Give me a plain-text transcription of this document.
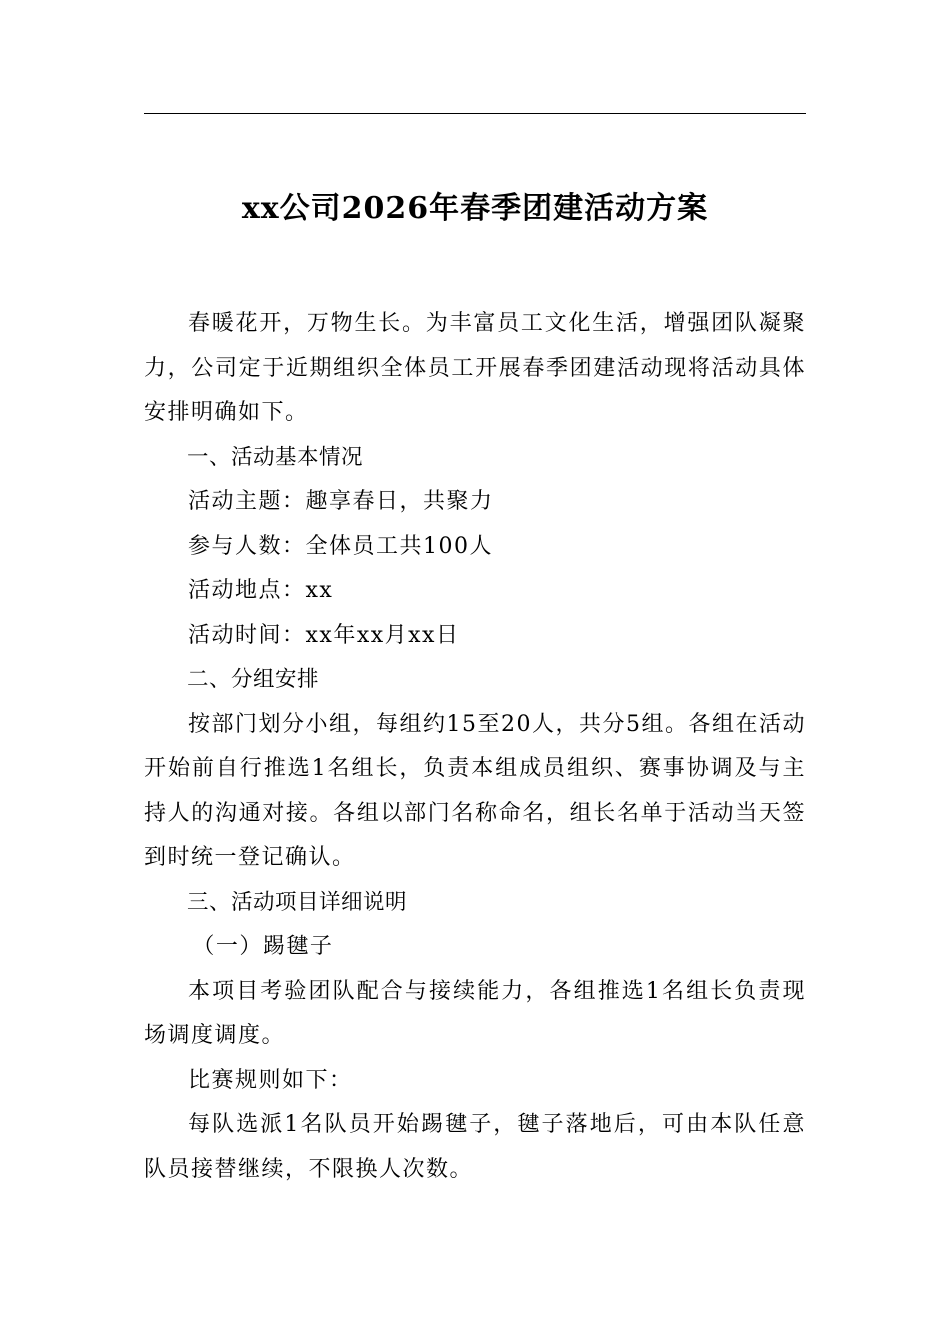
xx公司2026年春季团建活动方案

春暖花开，万物生长。为丰富员工文化生活，增强团队凝聚力，公司定于近期组织全体员工开展春季团建活动现将活动具体安排明确如下。

一、活动基本情况

活动主题：趣享春日，共聚力

参与人数：全体员工共100人

活动地点：xx

活动时间：xx年xx月xx日

二、分组安排

按部门划分小组，每组约15至20人，共分5组。各组在活动开始前自行推选1名组长，负责本组成员组织、赛事协调及与主持人的沟通对接。各组以部门名称命名，组长名单于活动当天签到时统一登记确认。

三、活动项目详细说明

（一）踢毽子

本项目考验团队配合与接续能力，各组推选1名组长负责现场调度调度。

比赛规则如下：

每队选派1名队员开始踢毽子，毽子落地后，可由本队任意队员接替继续，不限换人次数。
